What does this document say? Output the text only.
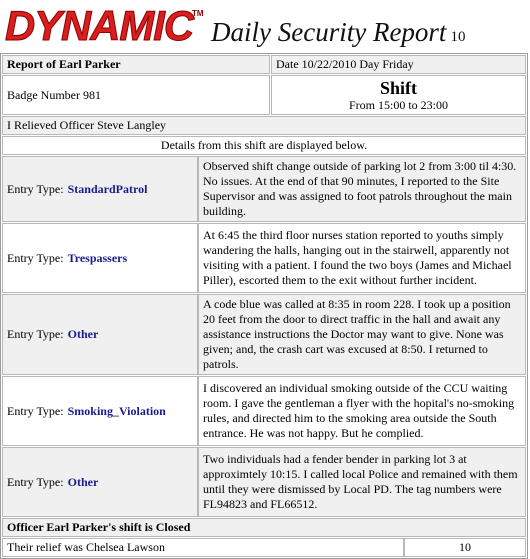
DYNAMIC
TM
Daily Security Report 10
Report of Earl Parker	Date 10/22/2010 Day Friday
Badge Number 981	Shift
From 15:00 to 23:00

I Relieved Officer Steve Langley
Details from this shift are displayed below.

Entry Type: StandardPatrol	Observed shift change outside of parking lot 2 from 3:00 til 4:30. No issues. At the end of that 90 minutes, I reported to the Site Supervisor and was assigned to foot patrols throughout the main building.

Entry Type: Trespassers	At 6:45 the third floor nurses station reported to youths simply wandering the halls, hanging out in the stairwell, apparently not visiting with a patient. I found the two boys (James and Michael Piller), escorted them to the exit without further incident.

Entry Type: Other	A code blue was called at 8:35 in room 228. I took up a position 20 feet from the door to direct traffic in the hall and await any assistance instructions the Doctor may want to give. None was given; and, the crash cart was excused at 8:50. I returned to patrols.

Entry Type: Smoking_Violation	I discovered an individual smoking outside of the CCU waiting room. I gave the gentleman a flyer with the hopital's no-smoking rules, and directed him to the smoking area outside the South entrance. He was not happy. But he complied.

Entry Type: Other	Two individuals had a fender bender in parking lot 3 at approximtely 10:15. I called local Police and remained with them until they were dismissed by Local PD. The tag numbers were FL94823 and FL66512.

Officer Earl Parker's shift is Closed

Their relief was Chelsea Lawson	10
